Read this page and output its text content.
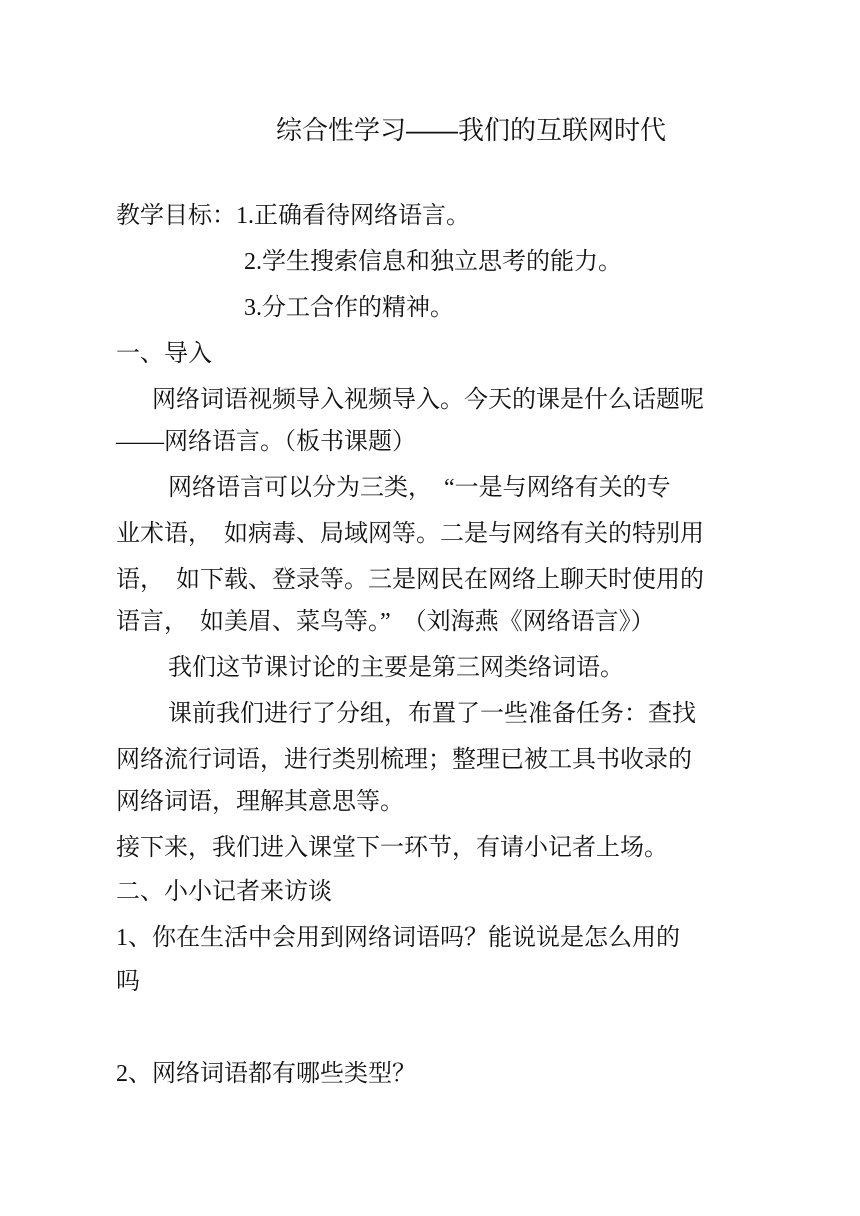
综合性学习——我们的互联网时代
教学目标：1.正确看待网络语言。
2.学生搜索信息和独立思考的能力。
3.分工合作的精神。
一、导入
网络词语视频导入视频导入。今天的课是什么话题呢
——网络语言。（板书课题）
网络语言可以分为三类，　“一是与网络有关的专
业术语，　如病毒、局域网等。二是与网络有关的特别用
语，　如下载、登录等。三是网民在网络上聊天时使用的
语言，　如美眉、菜鸟等。”　（刘海燕《网络语言》）
我们这节课讨论的主要是第三网类络词语。
课前我们进行了分组，布置了一些准备任务：查找
网络流行词语，进行类别梳理；整理已被工具书收录的
网络词语，理解其意思等。
接下来，我们进入课堂下一环节，有请小记者上场。
二、小小记者来访谈
1、你在生活中会用到网络词语吗？能说说是怎么用的
吗
2、网络词语都有哪些类型？
